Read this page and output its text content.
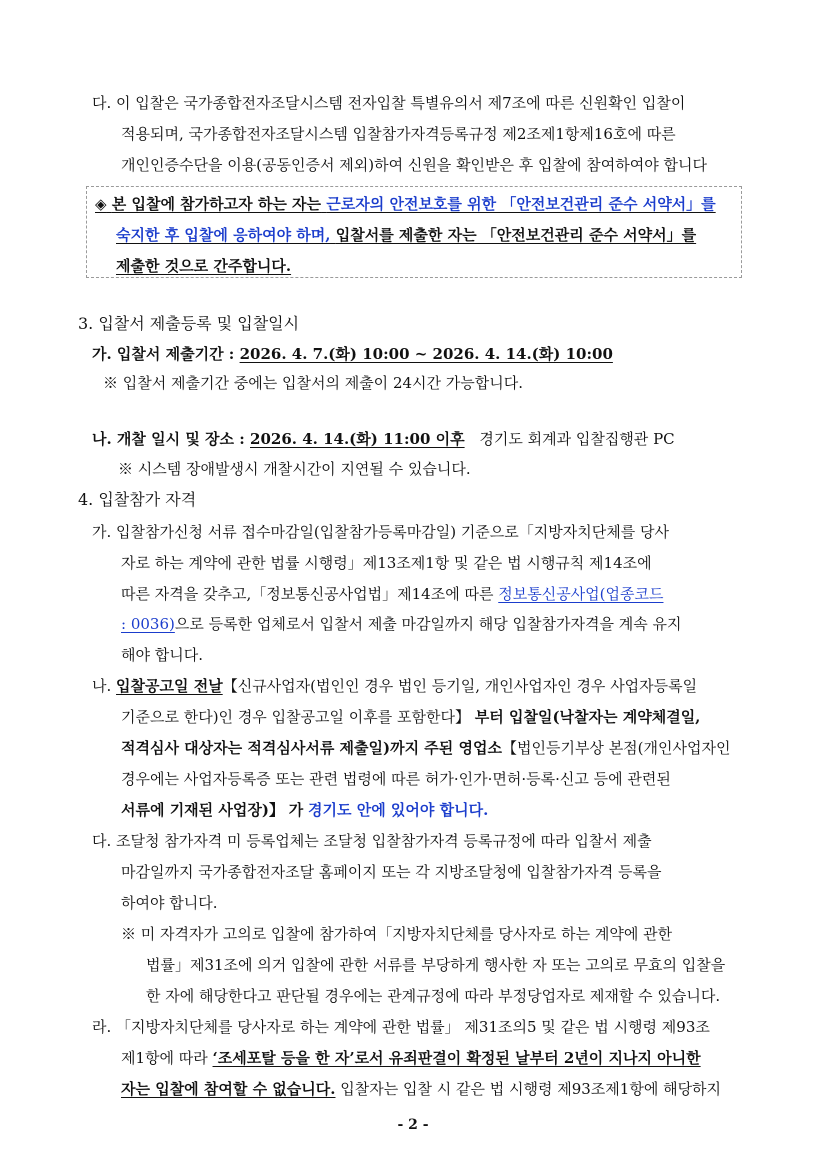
다. 이 입찰은 국가종합전자조달시스템 전자입찰 특별유의서 제7조에 따른 신원확인 입찰이
적용되며, 국가종합전자조달시스템 입찰참가자격등록규정 제2조제1항제16호에 따른
개인인증수단을 이용(공동인증서 제외)하여 신원을 확인받은 후 입찰에 참여하여야 합니다
◈ 본 입찰에 참가하고자 하는 자는 근로자의 안전보호를 위한 「안전보건관리 준수 서약서」를
숙지한 후 입찰에 응하여야 하며, 입찰서를 제출한 자는 「안전보건관리 준수 서약서」를
제출한 것으로 간주합니다.
3. 입찰서 제출등록 및 입찰일시
가. 입찰서 제출기간 : 2026. 4. 7.(화) 10:00 ~ 2026. 4. 14.(화) 10:00
※ 입찰서 제출기간 중에는 입찰서의 제출이 24시간 가능합니다.
나. 개찰 일시 및 장소 : 2026. 4. 14.(화) 11:00 이후 경기도 회계과 입찰집행관 PC
※ 시스템 장애발생시 개찰시간이 지연될 수 있습니다.
4. 입찰참가 자격
가. 입찰참가신청 서류 접수마감일(입찰참가등록마감일) 기준으로「지방자치단체를 당사
자로 하는 계약에 관한 법률 시행령」제13조제1항 및 같은 법 시행규칙 제14조에
따른 자격을 갖추고,「정보통신공사업법」제14조에 따른 정보통신공사업(업종코드
: 0036)으로 등록한 업체로서 입찰서 제출 마감일까지 해당 입찰참가자격을 계속 유지
해야 합니다.
나. 입찰공고일 전날【신규사업자(법인인 경우 법인 등기일, 개인사업자인 경우 사업자등록일
기준으로 한다)인 경우 입찰공고일 이후를 포함한다】 부터 입찰일(낙찰자는 계약체결일,
적격심사 대상자는 적격심사서류 제출일)까지 주된 영업소【법인등기부상 본점(개인사업자인
경우에는 사업자등록증 또는 관련 법령에 따른 허가·인가·면허·등록·신고 등에 관련된
서류에 기재된 사업장)】 가 경기도 안에 있어야 합니다.
다. 조달청 참가자격 미 등록업체는 조달청 입찰참가자격 등록규정에 따라 입찰서 제출
마감일까지 국가종합전자조달 홈페이지 또는 각 지방조달청에 입찰참가자격 등록을
하여야 합니다.
※ 미 자격자가 고의로 입찰에 참가하여「지방자치단체를 당사자로 하는 계약에 관한
법률」제31조에 의거 입찰에 관한 서류를 부당하게 행사한 자 또는 고의로 무효의 입찰을
한 자에 해당한다고 판단될 경우에는 관계규정에 따라 부정당업자로 제재할 수 있습니다.
라. 「지방자치단체를 당사자로 하는 계약에 관한 법률」 제31조의5 및 같은 법 시행령 제93조
제1항에 따라 ‘조세포탈 등을 한 자’로서 유죄판결이 확정된 날부터 2년이 지나지 아니한
자는 입찰에 참여할 수 없습니다. 입찰자는 입찰 시 같은 법 시행령 제93조제1항에 해당하지
- 2 -
